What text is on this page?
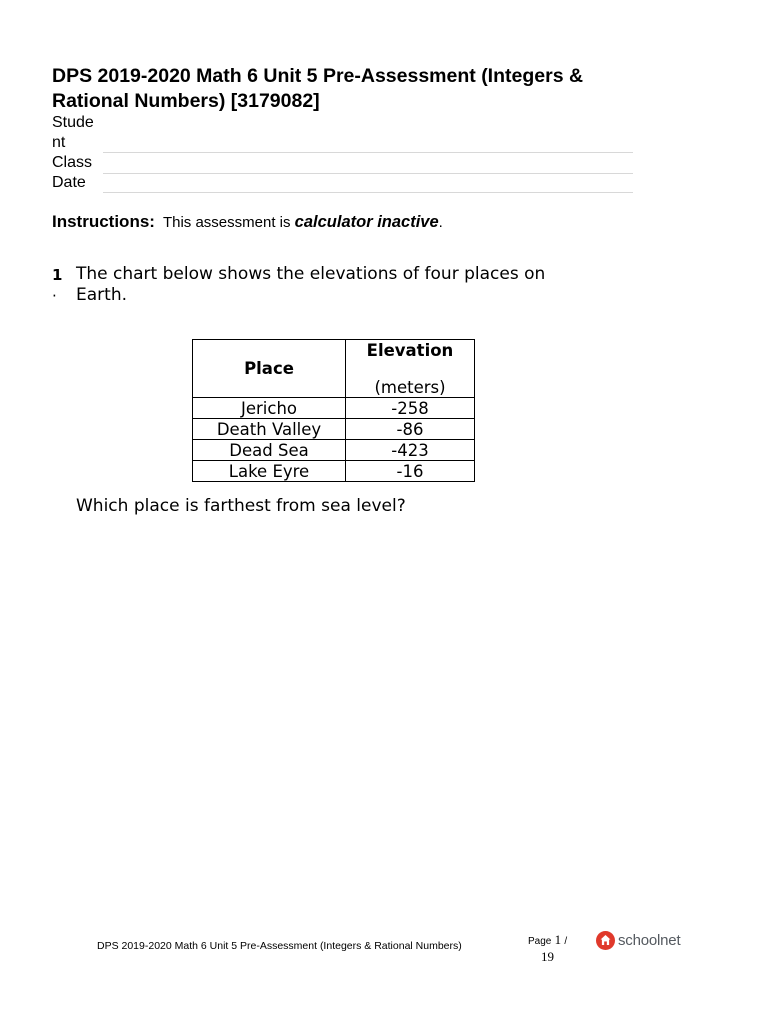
DPS 2019-2020 Math 6 Unit 5 Pre-Assessment (Integers & Rational Numbers) [3179082]
Stude
nt
Class
Date
Instructions: This assessment is calculator inactive.
1
·
The chart below shows the elevations of four places on Earth.
Place	Elevation
(meters)
Jericho	-258
Death Valley	-86
Dead Sea	-423
Lake Eyre	-16
Which place is farthest from sea level?
DPS 2019-2020 Math 6 Unit 5 Pre-Assessment (Integers & Rational Numbers)	Page 1 /
19
schoolnet
